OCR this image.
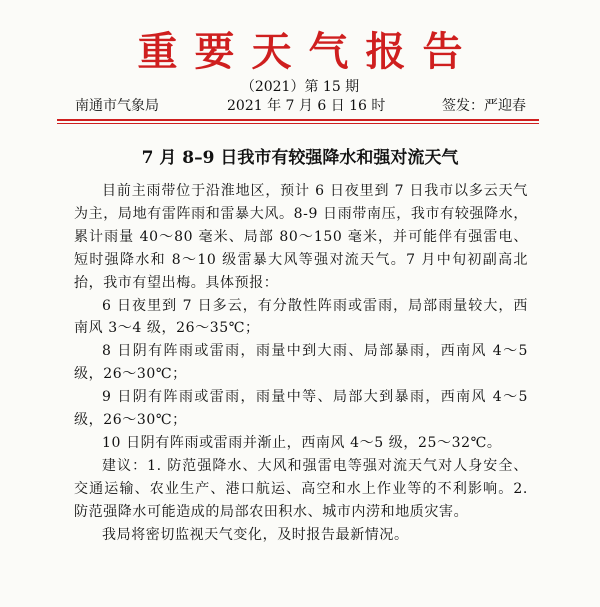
重要天气报告
（2021）第 15 期
南通市气象局	2021 年 7 月 6 日 16 时	签发：严迎春
7 月 8–9 日我市有较强降水和强对流天气

目前主雨带位于沿淮地区，预计 6 日夜里到 7 日我市以多云天气为主，局地有雷阵雨和雷暴大风。8-9 日雨带南压，我市有较强降水，累计雨量 40～80 毫米、局部 80～150 毫米，并可能伴有强雷电、短时强降水和 8～10 级雷暴大风等强对流天气。7 月中旬初副高北抬，我市有望出梅。具体预报：

6 日夜里到 7 日多云，有分散性阵雨或雷雨，局部雨量较大，西南风 3～4 级，26～35℃；

8 日阴有阵雨或雷雨，雨量中到大雨、局部暴雨，西南风 4～5 级，26～30℃；

9 日阴有阵雨或雷雨，雨量中等、局部大到暴雨，西南风 4～5 级，26～30℃；

10 日阴有阵雨或雷雨并渐止，西南风 4～5 级，25～32℃。

建议：1. 防范强降水、大风和强雷电等强对流天气对人身安全、交通运输、农业生产、港口航运、高空和水上作业等的不利影响。2. 防范强降水可能造成的局部农田积水、城市内涝和地质灾害。

我局将密切监视天气变化，及时报告最新情况。
